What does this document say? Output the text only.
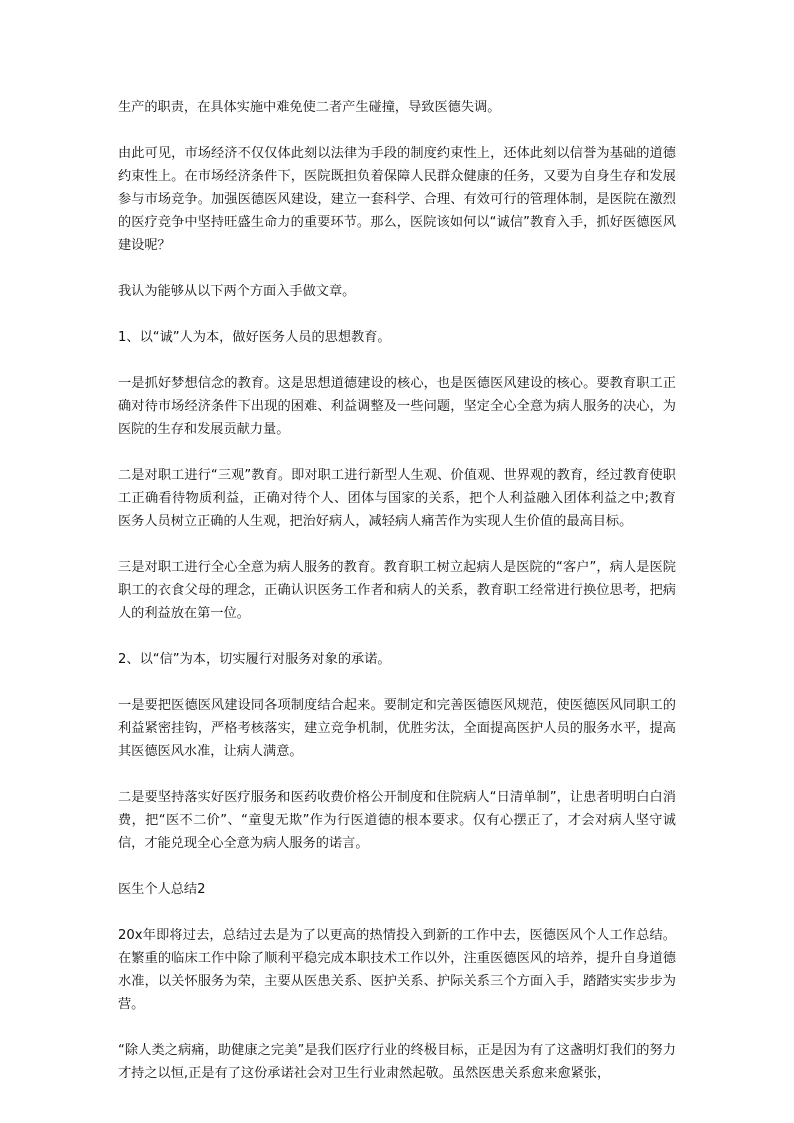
生产的职责，在具体实施中难免使二者产生碰撞，导致医德失调。

由此可见，市场经济不仅仅体此刻以法律为手段的制度约束性上，还体此刻以信誉为基础的道德约束性上。在市场经济条件下，医院既担负着保障人民群众健康的任务，又要为自身生存和发展参与市场竞争。加强医德医风建设，建立一套科学、合理、有效可行的管理体制，是医院在激烈的医疗竞争中坚持旺盛生命力的重要环节。那么，医院该如何以“诚信”教育入手，抓好医德医风建设呢？

我认为能够从以下两个方面入手做文章。

1、以“诚”人为本，做好医务人员的思想教育。

一是抓好梦想信念的教育。这是思想道德建设的核心，也是医德医风建设的核心。要教育职工正确对待市场经济条件下出现的困难、利益调整及一些问题，坚定全心全意为病人服务的决心，为医院的生存和发展贡献力量。

二是对职工进行“三观”教育。即对职工进行新型人生观、价值观、世界观的教育，经过教育使职工正确看待物质利益，正确对待个人、团体与国家的关系，把个人利益融入团体利益之中;教育医务人员树立正确的人生观，把治好病人，减轻病人痛苦作为实现人生价值的最高目标。

三是对职工进行全心全意为病人服务的教育。教育职工树立起病人是医院的“客户”，病人是医院职工的衣食父母的理念，正确认识医务工作者和病人的关系，教育职工经常进行换位思考，把病人的利益放在第一位。

2、以“信”为本，切实履行对服务对象的承诺。

一是要把医德医风建设同各项制度结合起来。要制定和完善医德医风规范，使医德医风同职工的利益紧密挂钩，严格考核落实，建立竞争机制，优胜劣汰，全面提高医护人员的服务水平，提高其医德医风水准，让病人满意。

二是要坚持落实好医疗服务和医药收费价格公开制度和住院病人“日清单制”，让患者明明白白消费，把“医不二价”、“童叟无欺”作为行医道德的根本要求。仅有心摆正了，才会对病人坚守诚信，才能兑现全心全意为病人服务的诺言。

医生个人总结2

20x年即将过去，总结过去是为了以更高的热情投入到新的工作中去，医德医风个人工作总结。在繁重的临床工作中除了顺利平稳完成本职技术工作以外，注重医德医风的培养，提升自身道德水准，以关怀服务为荣，主要从医患关系、医护关系、护际关系三个方面入手，踏踏实实步步为营。

“除人类之病痛，助健康之完美”是我们医疗行业的终极目标，正是因为有了这盏明灯我们的努力才持之以恒,正是有了这份承诺社会对卫生行业肃然起敬。虽然医患关系愈来愈紧张，
